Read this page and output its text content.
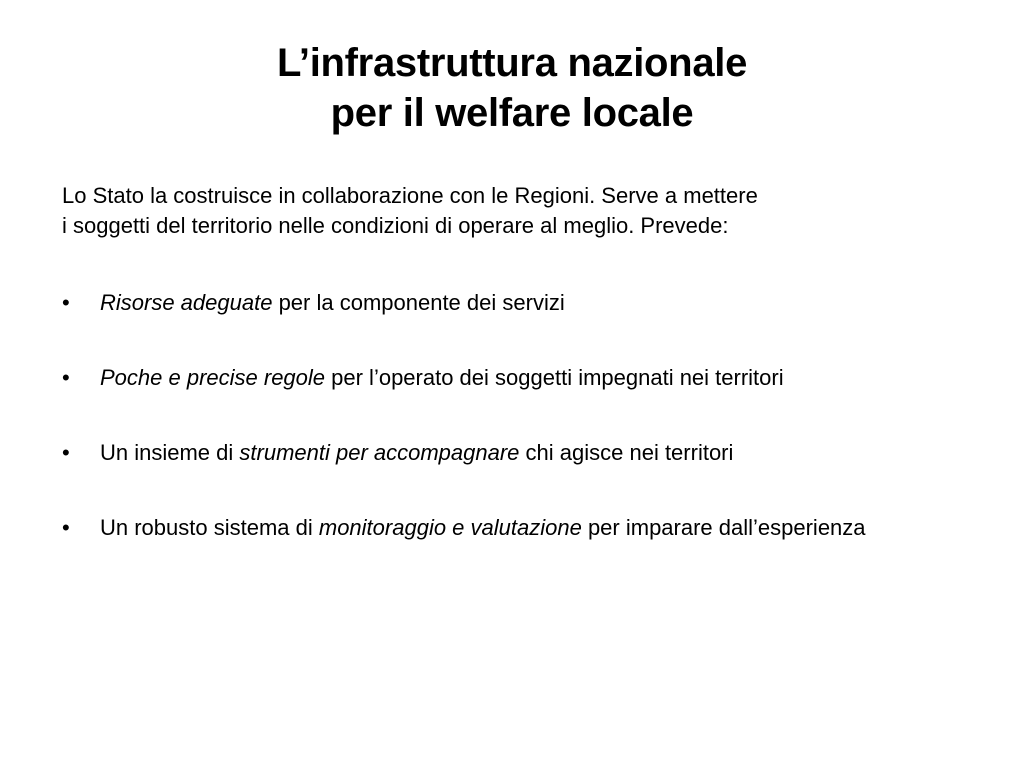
L’infrastruttura nazionale
per il welfare locale

Lo Stato la costruisce in collaborazione con le Regioni. Serve a mettere
i soggetti del territorio nelle condizioni di operare al meglio. Prevede:

•	Risorse adeguate per la componente dei servizi
•	Poche e precise regole per l’operato dei soggetti impegnati nei territori
•	Un insieme di strumenti per accompagnare chi agisce nei territori
•	Un robusto sistema di monitoraggio e valutazione per imparare dall’esperienza
